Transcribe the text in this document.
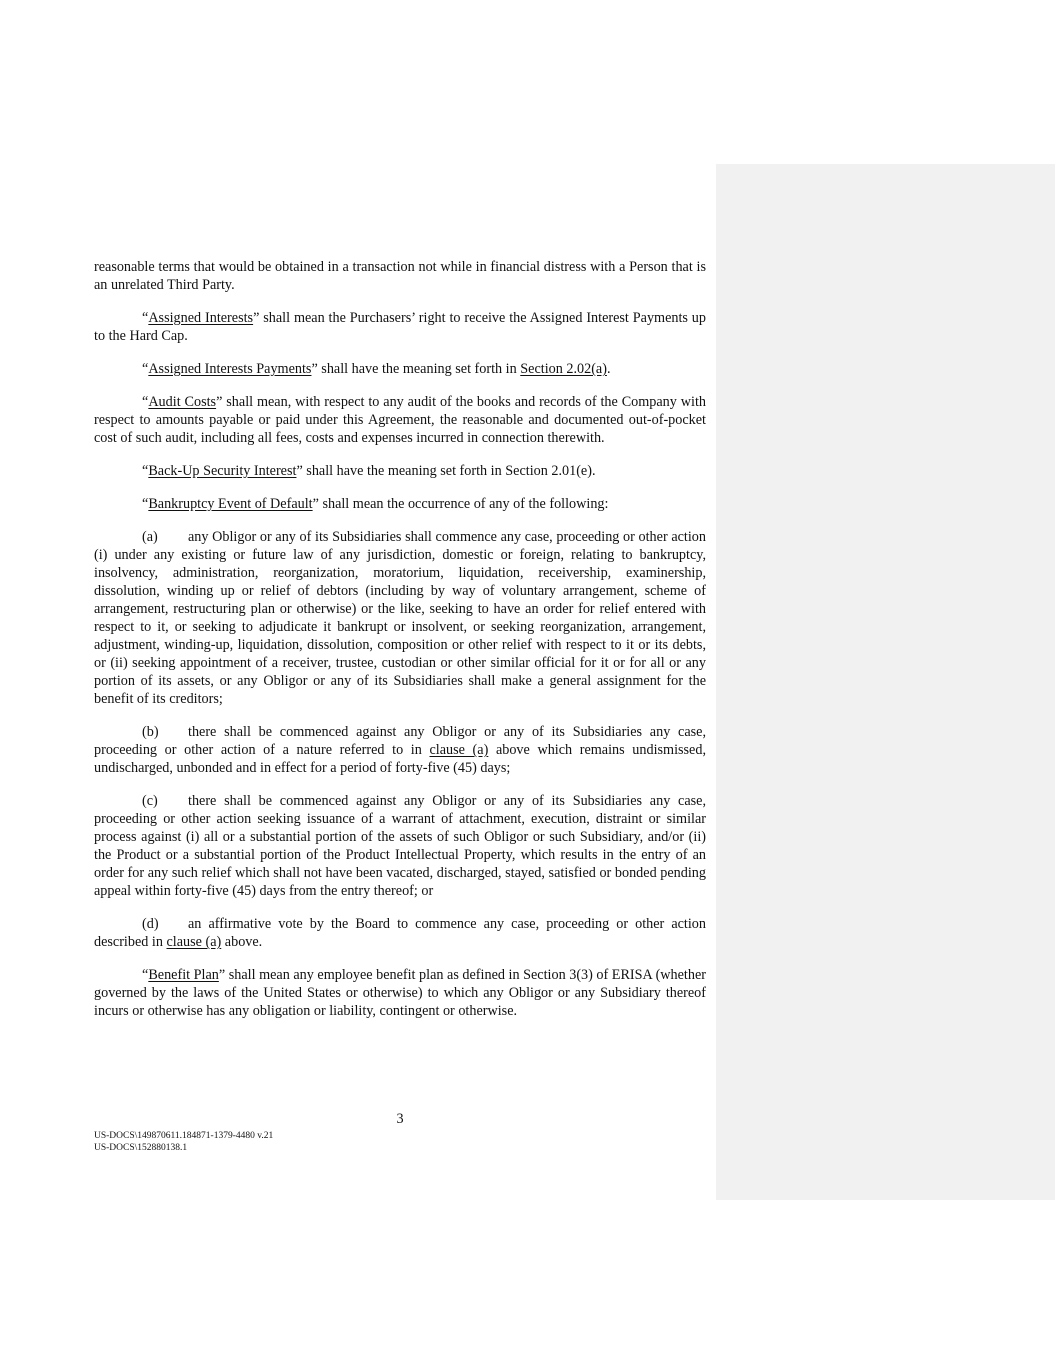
reasonable terms that would be obtained in a transaction not while in financial distress with a Person that is an unrelated Third Party.

“Assigned Interests” shall mean the Purchasers’ right to receive the Assigned Interest Payments up to the Hard Cap.

“Assigned Interests Payments” shall have the meaning set forth in Section 2.02(a).

“Audit Costs” shall mean, with respect to any audit of the books and records of the Company with respect to amounts payable or paid under this Agreement, the reasonable and documented out-of-pocket cost of such audit, including all fees, costs and expenses incurred in connection therewith.

“Back-Up Security Interest” shall have the meaning set forth in Section 2.01(e).

“Bankruptcy Event of Default” shall mean the occurrence of any of the following:

(a) any Obligor or any of its Subsidiaries shall commence any case, proceeding or other action (i) under any existing or future law of any jurisdiction, domestic or foreign, relating to bankruptcy, insolvency, administration, reorganization, moratorium, liquidation, receivership, examinership, dissolution, winding up or relief of debtors (including by way of voluntary arrangement, scheme of arrangement, restructuring plan or otherwise) or the like, seeking to have an order for relief entered with respect to it, or seeking to adjudicate it bankrupt or insolvent, or seeking reorganization, arrangement, adjustment, winding-up, liquidation, dissolution, composition or other relief with respect to it or its debts, or (ii) seeking appointment of a receiver, trustee, custodian or other similar official for it or for all or any portion of its assets, or any Obligor or any of its Subsidiaries shall make a general assignment for the benefit of its creditors;

(b) there shall be commenced against any Obligor or any of its Subsidiaries any case, proceeding or other action of a nature referred to in clause (a) above which remains undismissed, undischarged, unbonded and in effect for a period of forty-five (45) days;

(c) there shall be commenced against any Obligor or any of its Subsidiaries any case, proceeding or other action seeking issuance of a warrant of attachment, execution, distraint or similar process against (i) all or a substantial portion of the assets of such Obligor or such Subsidiary, and/or (ii) the Product or a substantial portion of the Product Intellectual Property, which results in the entry of an order for any such relief which shall not have been vacated, discharged, stayed, satisfied or bonded pending appeal within forty-five (45) days from the entry thereof; or

(d) an affirmative vote by the Board to commence any case, proceeding or other action described in clause (a) above.

“Benefit Plan” shall mean any employee benefit plan as defined in Section 3(3) of ERISA (whether governed by the laws of the United States or otherwise) to which any Obligor or any Subsidiary thereof incurs or otherwise has any obligation or liability, contingent or otherwise.

3
US-DOCS\149870611.184871-1379-4480 v.21
US-DOCS\152880138.1
